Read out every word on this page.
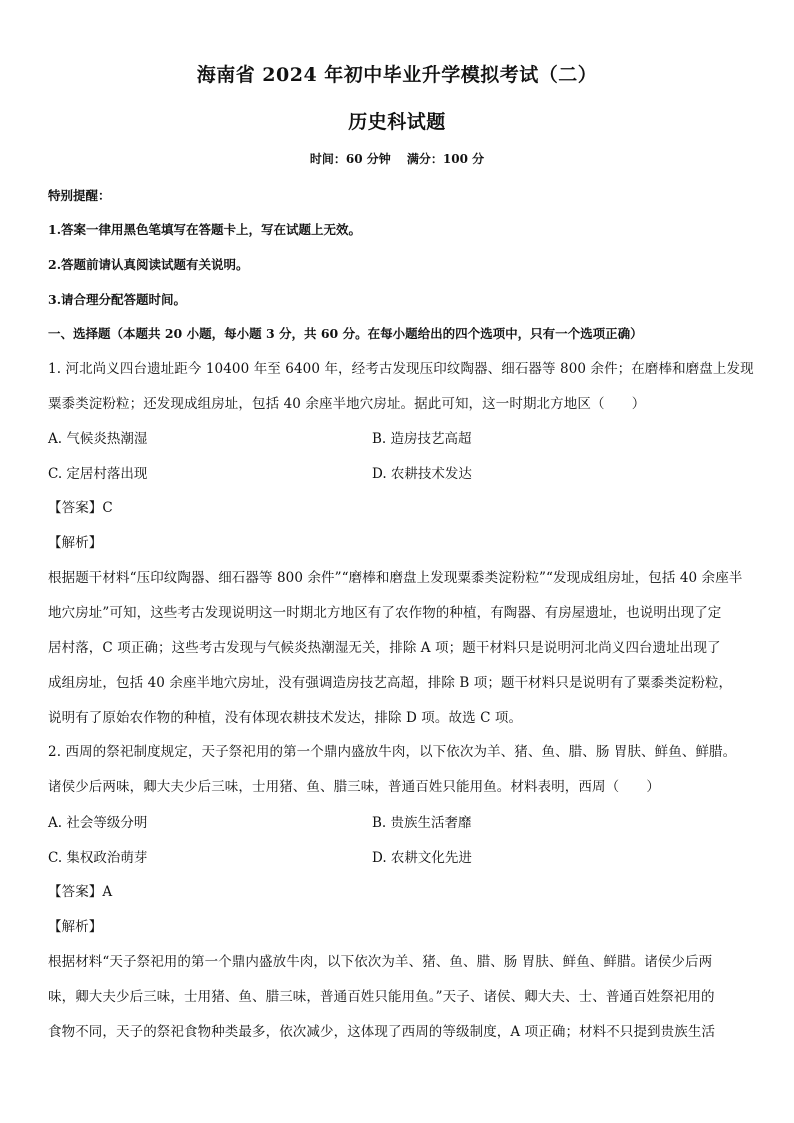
海南省 2024 年初中毕业升学模拟考试（二）
历史科试题
时间：60 分钟 满分：100 分
特别提醒：
1.答案一律用黑色笔填写在答题卡上，写在试题上无效。
2.答题前请认真阅读试题有关说明。
3.请合理分配答题时间。
一、选择题（本题共 20 小题，每小题 3 分，共 60 分。在每小题给出的四个选项中，只有一个选项正确）
1. 河北尚义四台遗址距今 10400 年至 6400 年，经考古发现压印纹陶器、细石器等 800 余件；在磨棒和磨盘上发现
粟黍类淀粉粒；还发现成组房址，包括 40 余座半地穴房址。据此可知，这一时期北方地区（　　）
A. 气候炎热潮湿	B. 造房技艺高超
C. 定居村落出现	D. 农耕技术发达
【答案】C
【解析】
根据题干材料“压印纹陶器、细石器等 800 余件”“磨棒和磨盘上发现粟黍类淀粉粒”“发现成组房址，包括 40 余座半
地穴房址”可知，这些考古发现说明这一时期北方地区有了农作物的种植，有陶器、有房屋遗址，也说明出现了定
居村落，C 项正确；这些考古发现与气候炎热潮湿无关，排除 A 项；题干材料只是说明河北尚义四台遗址出现了
成组房址，包括 40 余座半地穴房址，没有强调造房技艺高超，排除 B 项；题干材料只是说明有了粟黍类淀粉粒，
说明有了原始农作物的种植，没有体现农耕技术发达，排除 D 项。故选 C 项。
2. 西周的祭祀制度规定，天子祭祀用的第一个鼎内盛放牛肉，以下依次为羊、猪、鱼、腊、肠 胃肤、鲜鱼、鲜腊。
诸侯少后两味，卿大夫少后三味，士用猪、鱼、腊三味，普通百姓只能用鱼。材料表明，西周（　　）
A. 社会等级分明	B. 贵族生活奢靡
C. 集权政治萌芽	D. 农耕文化先进
【答案】A
【解析】
根据材料“天子祭祀用的第一个鼎内盛放牛肉，以下依次为羊、猪、鱼、腊、肠 胃肤、鲜鱼、鲜腊。诸侯少后两
味，卿大夫少后三味，士用猪、鱼、腊三味，普通百姓只能用鱼。”天子、诸侯、卿大夫、士、普通百姓祭祀用的
食物不同，天子的祭祀食物种类最多，依次减少，这体现了西周的等级制度，A 项正确；材料不只提到贵族生活
